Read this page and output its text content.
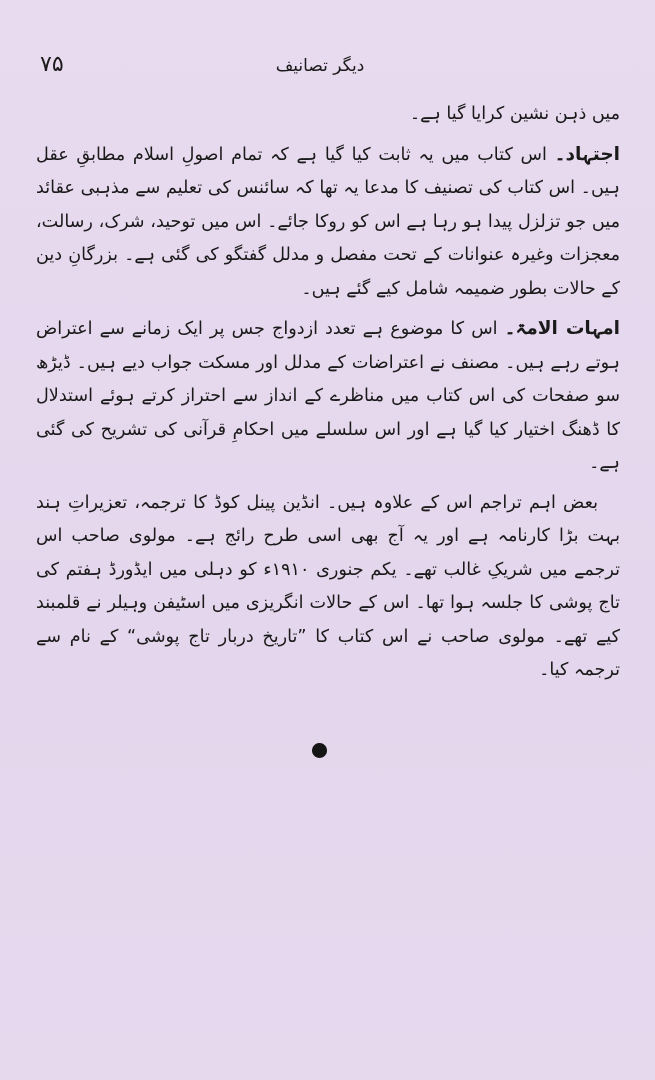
۷۵	دیگر تصانیف

میں ذہن نشین کرایا گیا ہے۔

اجتہاد۔ اس کتاب میں یہ ثابت کیا گیا ہے کہ تمام اصولِ اسلام مطابقِ عقل ہیں۔ اس کتاب کی تصنیف کا مدعا یہ تھا کہ سائنس کی تعلیم سے مذہبی عقائد میں جو تزلزل پیدا ہو رہا ہے اس کو روکا جائے۔ اس میں توحید، شرک، رسالت، معجزات وغیرہ عنوانات کے تحت مفصل و مدلل گفتگو کی گئی ہے۔ بزرگانِ دین کے حالات بطور ضمیمہ شامل کیے گئے ہیں۔

امہات الامۃ۔ اس کا موضوع ہے تعدد ازدواج جس پر ایک زمانے سے اعتراض ہوتے رہے ہیں۔ مصنف نے اعتراضات کے مدلل اور مسکت جواب دیے ہیں۔ ڈیڑھ سو صفحات کی اس کتاب میں مناظرے کے انداز سے احتراز کرتے ہوئے استدلال کا ڈھنگ اختیار کیا گیا ہے اور اس سلسلے میں احکامِ قرآنی کی تشریح کی گئی ہے۔

بعض اہم تراجم اس کے علاوہ ہیں۔ انڈین پینل کوڈ کا ترجمہ، تعزیراتِ ہند بہت بڑا کارنامہ ہے اور یہ آج بھی اسی طرح رائج ہے۔ مولوی صاحب اس ترجمے میں شریکِ غالب تھے۔ یکم جنوری ۱۹۱۰ء کو دہلی میں ایڈورڈ ہفتم کی تاج پوشی کا جلسہ ہوا تھا۔ اس کے حالات انگریزی میں اسٹیفن وہیلر نے قلمبند کیے تھے۔ مولوی صاحب نے اس کتاب کا ”تاریخ دربار تاج پوشی“ کے نام سے ترجمہ کیا۔
